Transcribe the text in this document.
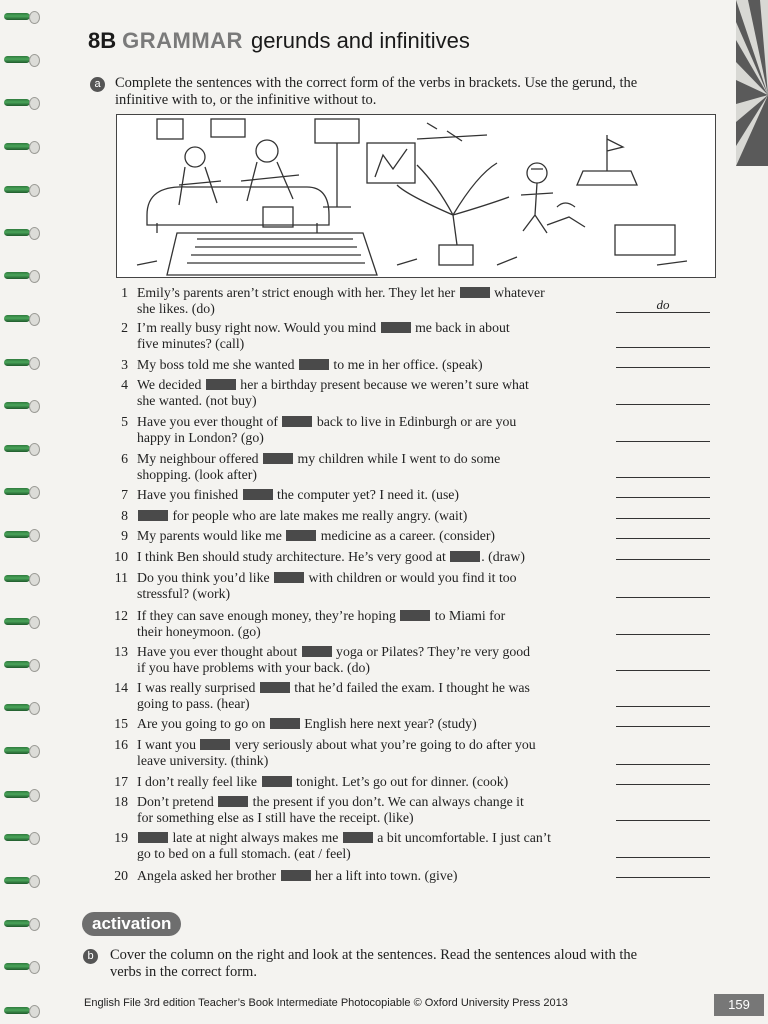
8B GRAMMAR gerunds and infinitives
a Complete the sentences with the correct form of the verbs in brackets. Use the gerund, the
infinitive with to, or the infinitive without to.
1 Emily’s parents aren’t strict enough with her. They let her  whatever
she likes. (do)	do
2 I’m really busy right now. Would you mind  me back in about
five minutes? (call)
3 My boss told me she wanted  to me in her office. (speak)
4 We decided  her a birthday present because we weren’t sure what
she wanted. (not buy)
5 Have you ever thought of  back to live in Edinburgh or are you
happy in London? (go)
6 My neighbour offered  my children while I went to do some
shopping. (look after)
7 Have you finished  the computer yet? I need it. (use)
8	for people who are late makes me really angry. (wait)
9 My parents would like me  medicine as a career. (consider)
10 I think Ben should study architecture. He’s very good at . (draw)
11 Do you think you’d like  with children or would you find it too
stressful? (work)
12 If they can save enough money, they’re hoping  to Miami for
their honeymoon. (go)
13 Have you ever thought about  yoga or Pilates? They’re very good
if you have problems with your back. (do)
14 I was really surprised  that he’d failed the exam. I thought he was
going to pass. (hear)
15 Are you going to go on  English here next year? (study)
16 I want you  very seriously about what you’re going to do after you
leave university. (think)
17 I don’t really feel like  tonight. Let’s go out for dinner. (cook)
18 Don’t pretend  the present if you don’t. We can always change it
for something else as I still have the receipt. (like)
19	late at night always makes me  a bit uncomfortable. I just can’t
go to bed on a full stomach. (eat / feel)
20 Angela asked her brother  her a lift into town. (give)
activation
b	Cover the column on the right and look at the sentences. Read the sentences aloud with the
verbs in the correct form.
English File 3rd edition Teacher’s Book Intermediate Photocopiable © Oxford University Press 2013	159
